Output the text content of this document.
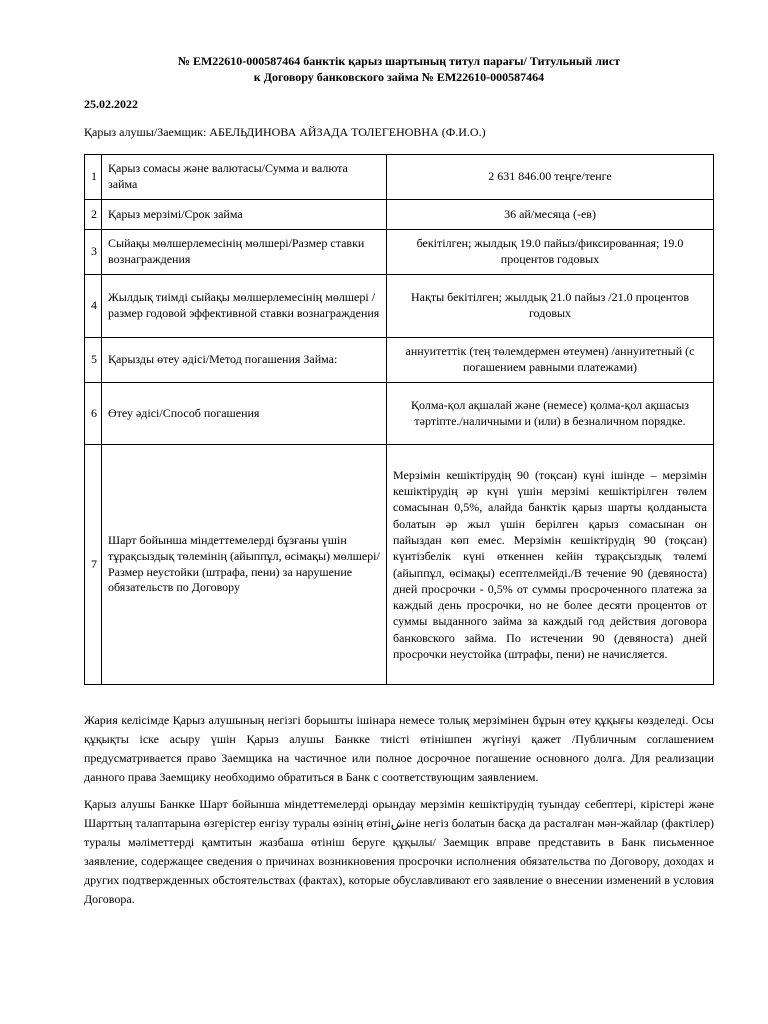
№ EM22610-000587464 банктік қарыз шартының титул парағы/ Титульный лист
к Договору банковского займа № EM22610-000587464
25.02.2022
Қарыз алушы/Заемщик: АБЕЛЬДИНОВА АЙЗАДА ТОЛЕГЕНОВНА (Ф.И.О.)
1	Қарыз сомасы және валютасы/Сумма и валюта займа	2 631 846.00 теңге/тенге
2	Қарыз мерзімі/Срок займа	36 ай/месяца (-ев)
3	Сыйақы мөлшерлемесінің мөлшері/Размер ставки вознаграждения	бекітілген; жылдық 19.0 пайыз/фиксированная; 19.0 процентов годовых
4	Жылдық тиімді сыйақы мөлшерлемесінің мөлшері /размер годовой эффективной ставки вознаграждения	Нақты бекітілген; жылдық 21.0 пайыз /21.0 процентов годовых
5	Қарызды өтеу әдісі/Метод погашения Займа:	аннуитеттік (тең төлемдермен өтеумен) /аннуитетный (с погашением равными платежами)
6	Өтеу әдісі/Способ погашения	Қолма-қол ақшалай және (немесе) қолма-қол ақшасыз тәртіпте./наличными и (или) в безналичном порядке.
7	Шарт бойынша міндеттемелерді бұзғаны үшін тұрақсыздық төлемінің (айыппұл, өсімақы) мөлшері/ Размер неустойки (штрафа, пени) за нарушение обязательств по Договору	Мерзімін кешіктірудің 90 (тоқсан) күні ішінде – мерзімін кешіктірудің әр күні үшін мерзімі кешіктірілген төлем сомасынан 0,5%, алайда банктік қарыз шарты қолданыста болатын әр жыл үшін берілген қарыз сомасынан он пайыздан көп емес. Мерзімін кешіктірудің 90 (тоқсан) күнтізбелік күні өткеннен кейін тұрақсыздық төлемі (айыппұл, өсімақы) есептелмейді./В течение 90 (девяноста) дней просрочки - 0,5% от суммы просроченного платежа за каждый день просрочки, но не более десяти процентов от суммы выданного займа за каждый год действия договора банковского займа. По истечении 90 (девяноста) дней просрочки неустойка (штрафы, пени) не начисляется.
Жария келісімде Қарыз алушының негізгі борышты ішінара немесе толық мерзімінен бұрын өтеу құқығы көзделеді. Осы құқықты іске асыру үшін Қарыз алушы Банкке тиісті өтінішпен жүгінуі қажет /Публичным соглашением предусматривается право Заемщика на частичное или полное досрочное погашение основного долга. Для реализации данного права Заемщику необходимо обратиться в Банк с соответствующим заявлением.
Қарыз алушы Банкке Шарт бойынша міндеттемелерді орындау мерзімін кешіктірудің туындау себептері, кірістері және Шарттың талаптарына өзгерістер енгізу туралы өзінің өтініشіне негіз болатын басқа да расталған мән-жайлар (фактілер) туралы мәліметтерді қамтитын жазбаша өтініш беруге құқылы/ Заемщик вправе представить в Банк письменное заявление, содержащее сведения о причинах возникновения просрочки исполнения обязательства по Договору, доходах и других подтвержденных обстоятельствах (фактах), которые обуславливают его заявление о внесении изменений в условия Договора.
